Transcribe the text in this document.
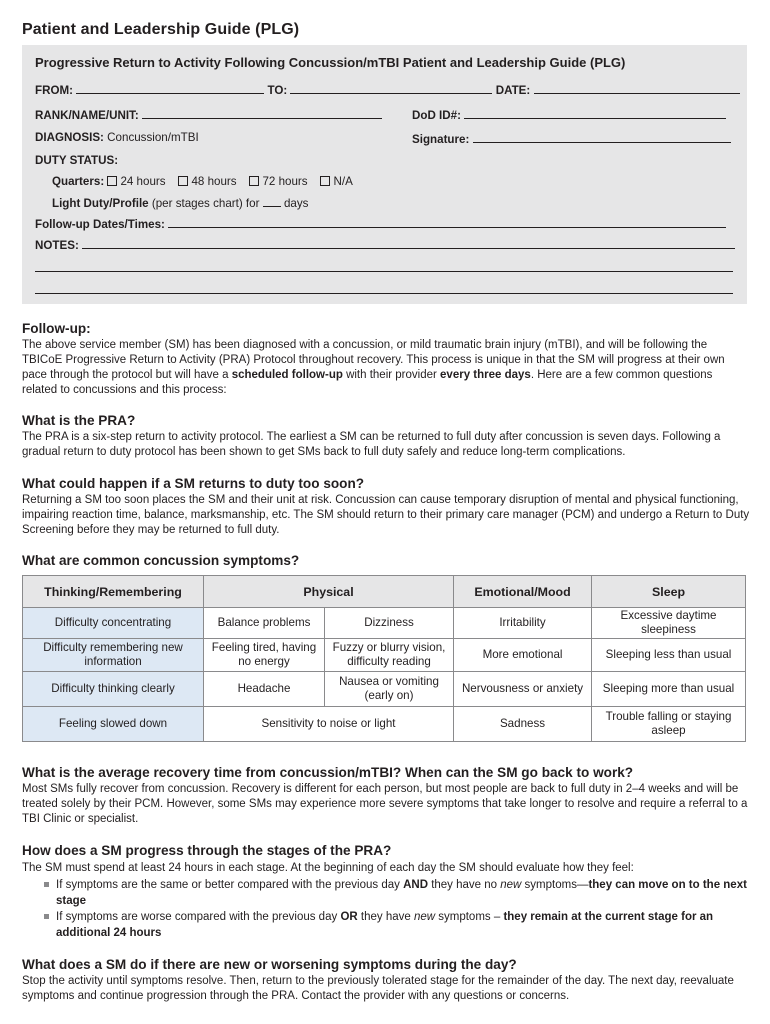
Patient and Leadership Guide (PLG)
Progressive Return to Activity Following Concussion/mTBI Patient and Leadership Guide (PLG)
FROM:	TO:	DATE:
RANK/NAME/UNIT:	DoD ID#:
DIAGNOSIS: Concussion/mTBI	Signature:
DUTY STATUS:
Quarters: 24 hours 48 hours 72 hours N/A
Light Duty/Profile (per stages chart) for days
Follow-up Dates/Times:
NOTES:
Follow-up:

The above service member (SM) has been diagnosed with a concussion, or mild traumatic brain injury (mTBI), and will be following the TBICoE Progressive Return to Activity (PRA) Protocol throughout recovery. This process is unique in that the SM will progress at their own pace through the protocol but will have a scheduled follow-up with their provider every three days. Here are a few common questions related to concussions and this process:

What is the PRA?

The PRA is a six-step return to activity protocol. The earliest a SM can be returned to full duty after concussion is seven days. Following a gradual return to duty protocol has been shown to get SMs back to full duty safely and reduce long-term complications.

What could happen if a SM returns to duty too soon?

Returning a SM too soon places the SM and their unit at risk. Concussion can cause temporary disruption of mental and physical functioning, impairing reaction time, balance, marksmanship, etc. The SM should return to their primary care manager (PCM) and undergo a Return to Duty Screening before they may be returned to full duty.

What are common concussion symptoms?
Thinking/Remembering	Physical		Emotional/Mood	Sleep
Difficulty concentrating	Balance problems	Dizziness	Irritability	Excessive daytime sleepiness
Difficulty remembering new information	Feeling tired, having no energy	Fuzzy or blurry vision, difficulty reading	More emotional	Sleeping less than usual
Difficulty thinking clearly	Headache	Nausea or vomiting (early on)	Nervousness or anxiety	Sleeping more than usual
Feeling slowed down	Sensitivity to noise or light		Sadness	Trouble falling or staying asleep
What is the average recovery time from concussion/mTBI? When can the SM go back to work?

Most SMs fully recover from concussion. Recovery is different for each person, but most people are back to full duty in 2–4 weeks and will be treated solely by their PCM. However, some SMs may experience more severe symptoms that take longer to resolve and require a referral to a TBI Clinic or specialist.

How does a SM progress through the stages of the PRA?

The SM must spend at least 24 hours in each stage. At the beginning of each day the SM should evaluate how they feel:

If symptoms are the same or better compared with the previous day AND they have no new symptoms—they can move on to the next stage
If symptoms are worse compared with the previous day OR they have new symptoms – they remain at the current stage for an additional 24 hours
What does a SM do if there are new or worsening symptoms during the day?

Stop the activity until symptoms resolve. Then, return to the previously tolerated stage for the remainder of the day. The next day, reevaluate symptoms and continue progression through the PRA. Contact the provider with any questions or concerns.
